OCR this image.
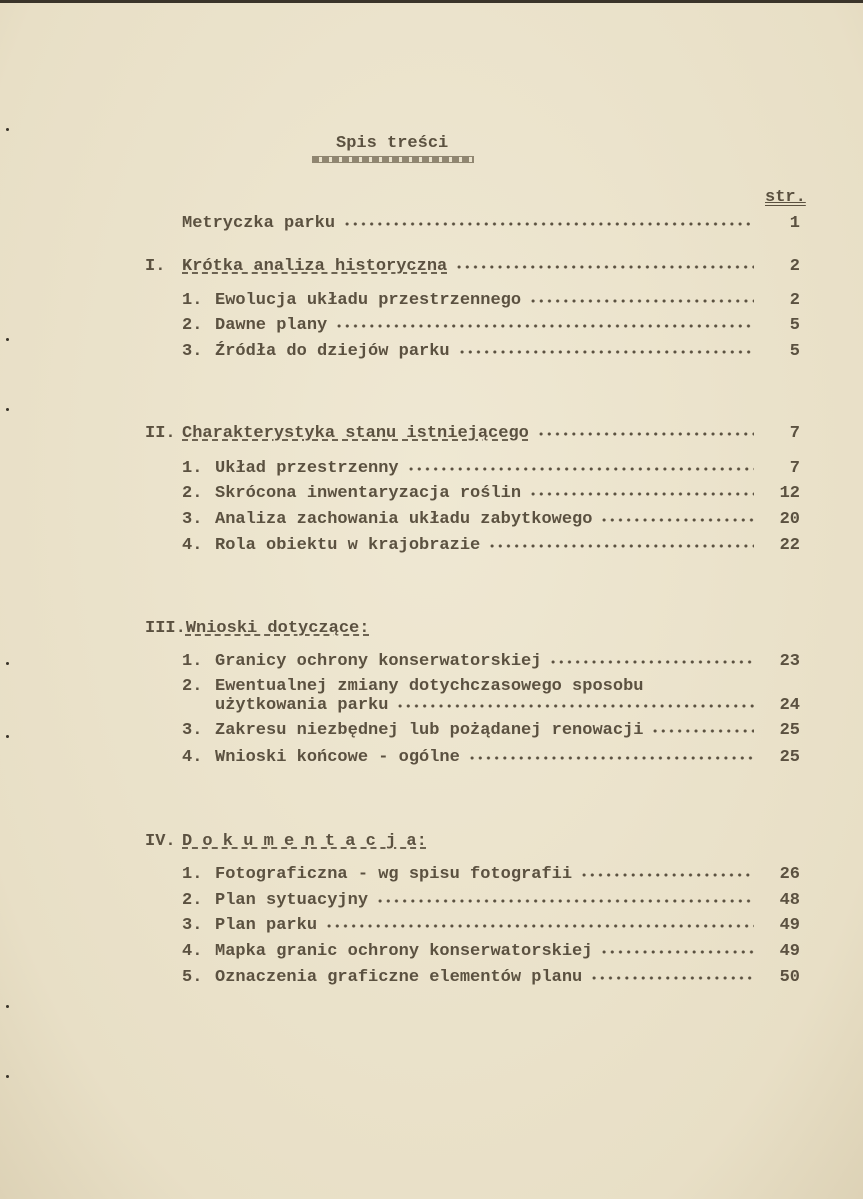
Spis treści
str.
Metryczka parku	1
I. Krótka analiza historyczna	2
1. Ewolucja układu przestrzennego	2
2. Dawne plany	5
3. Źródła do dziejów parku	5
II. Charakterystyka stanu istniejącego	7
1. Układ przestrzenny	7
2. Skrócona inwentaryzacja roślin	12
3. Analiza zachowania układu zabytkowego	20
4. Rola obiektu w krajobrazie	22
III. Wnioski dotyczące:
1. Granicy ochrony konserwatorskiej	23
2. Ewentualnej zmiany dotychczasowego sposobu
użytkowania parku	24
3. Zakresu niezbędnej lub pożądanej renowacji	25
4. Wnioski końcowe - ogólne	25
IV. D o k u m e n t a c j a:
1. Fotograficzna - wg spisu fotografii	26
2. Plan sytuacyjny	48
3. Plan parku	49
4. Mapka granic ochrony konserwatorskiej	49
5. Oznaczenia graficzne elementów planu	50
